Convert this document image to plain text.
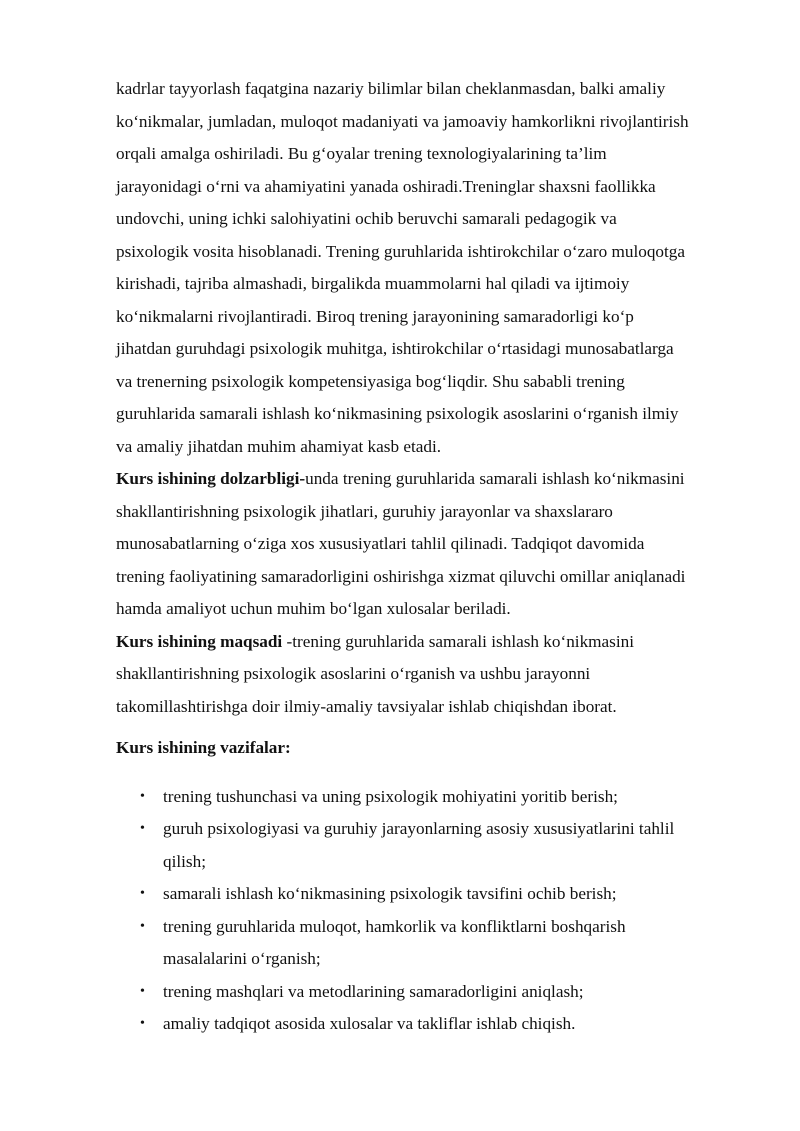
kadrlar tayyorlash faqatgina nazariy bilimlar bilan cheklanmasdan, balki amaliy

ko‘nikmalar, jumladan, muloqot madaniyati va jamoaviy hamkorlikni rivojlantirish

orqali amalga oshiriladi. Bu g‘oyalar trening texnologiyalarining ta’lim

jarayonidagi o‘rni va ahamiyatini yanada oshiradi.Treninglar shaxsni faollikka

undovchi, uning ichki salohiyatini ochib beruvchi samarali pedagogik va

psixologik vosita hisoblanadi. Trening guruhlarida ishtirokchilar o‘zaro muloqotga

kirishadi, tajriba almashadi, birgalikda muammolarni hal qiladi va ijtimoiy

ko‘nikmalarni rivojlantiradi. Biroq trening jarayonining samaradorligi ko‘p

jihatdan guruhdagi psixologik muhitga, ishtirokchilar o‘rtasidagi munosabatlarga

va trenerning psixologik kompetensiyasiga bog‘liqdir. Shu sababli trening

guruhlarida samarali ishlash ko‘nikmasining psixologik asoslarini o‘rganish ilmiy

va amaliy jihatdan muhim ahamiyat kasb etadi.

Kurs ishining dolzarbligi-unda trening guruhlarida samarali ishlash ko‘nikmasini

shakllantirishning psixologik jihatlari, guruhiy jarayonlar va shaxslararo

munosabatlarning o‘ziga xos xususiyatlari tahlil qilinadi. Tadqiqot davomida

trening faoliyatining samaradorligini oshirishga xizmat qiluvchi omillar aniqlanadi

hamda amaliyot uchun muhim bo‘lgan xulosalar beriladi.

Kurs ishining maqsadi -trening guruhlarida samarali ishlash ko‘nikmasini

shakllantirishning psixologik asoslarini o‘rganish va ushbu jarayonni

takomillashtirishga doir ilmiy-amaliy tavsiyalar ishlab chiqishdan iborat.

Kurs ishining vazifalar:

• trening tushunchasi va uning psixologik mohiyatini yoritib berish;

• guruh psixologiyasi va guruhiy jarayonlarning asosiy xususiyatlarini tahlil

qilish;

• samarali ishlash ko‘nikmasining psixologik tavsifini ochib berish;

• trening guruhlarida muloqot, hamkorlik va konfliktlarni boshqarish

masalalarini o‘rganish;

• trening mashqlari va metodlarining samaradorligini aniqlash;

• amaliy tadqiqot asosida xulosalar va takliflar ishlab chiqish.
